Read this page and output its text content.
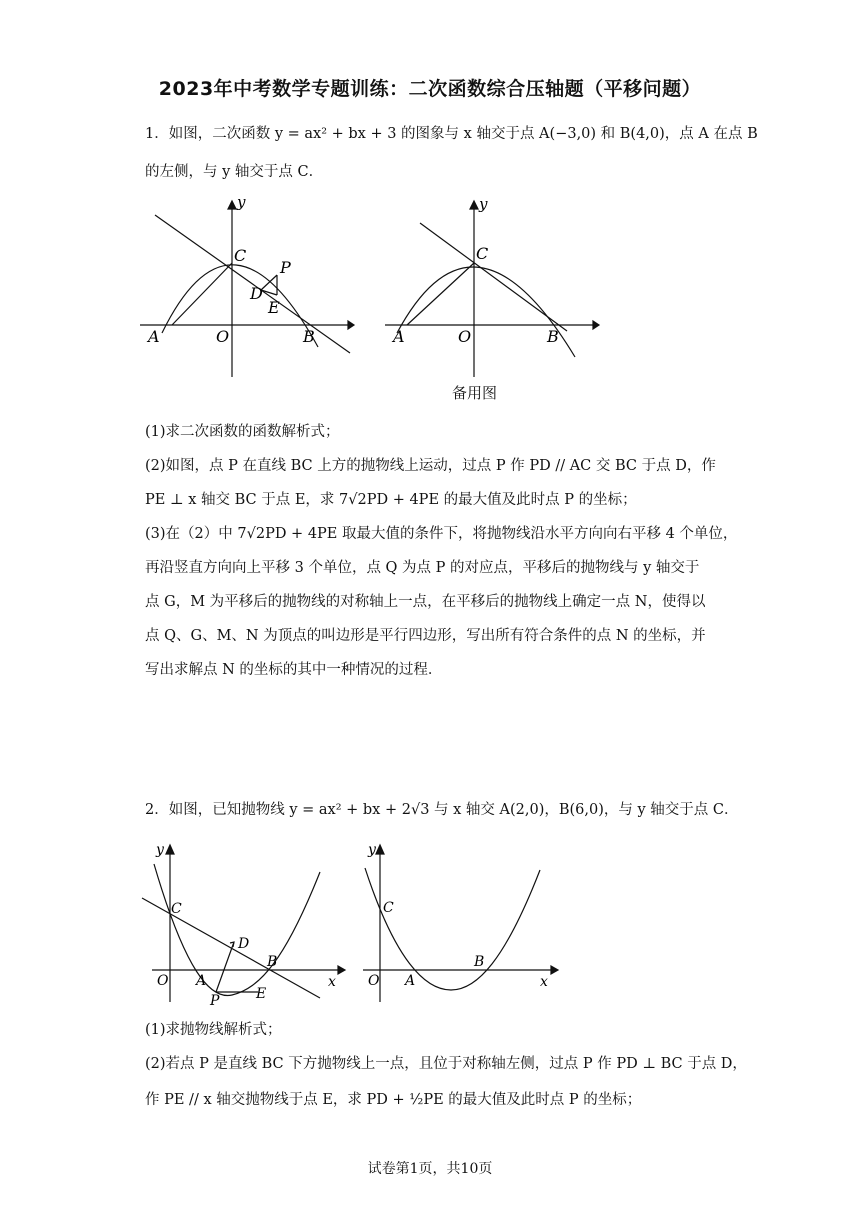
2023年中考数学专题训练：二次函数综合压轴题（平移问题）
1．如图，二次函数 y = ax² + bx + 3 的图象与 x 轴交于点 A(−3,0) 和 B(4,0)，点 A 在点 B
的左侧，与 y 轴交于点 C．
y
C
P
D
E
A	O	B
y
C
A	O	B
备用图
(1)求二次函数的函数解析式；
(2)如图，点 P 在直线 BC 上方的抛物线上运动，过点 P 作 PD // AC 交 BC 于点 D，作
PE ⊥ x 轴交 BC 于点 E，求 7√2PD + 4PE 的最大值及此时点 P 的坐标；
(3)在（2）中 7√2PD + 4PE 取最大值的条件下，将抛物线沿水平方向向右平移 4 个单位，
再沿竖直方向向上平移 3 个单位，点 Q 为点 P 的对应点，平移后的抛物线与 y 轴交于
点 G，M 为平移后的抛物线的对称轴上一点，在平移后的抛物线上确定一点 N，使得以
点 Q、G、M、N 为顶点的叫边形是平行四边形，写出所有符合条件的点 N 的坐标，并
写出求解点 N 的坐标的其中一种情况的过程．
2．如图，已知抛物线 y = ax² + bx + 2√3 与 x 轴交 A(2,0)，B(6,0)，与 y 轴交于点 C．
y
C
D
B
O A
P	E
x
y
C
B
O A	x
(1)求抛物线解析式；
(2)若点 P 是直线 BC 下方抛物线上一点，且位于对称轴左侧，过点 P 作 PD ⊥ BC 于点 D，
作 PE // x 轴交抛物线于点 E，求 PD + ½PE 的最大值及此时点 P 的坐标；
试卷第1页，共10页
